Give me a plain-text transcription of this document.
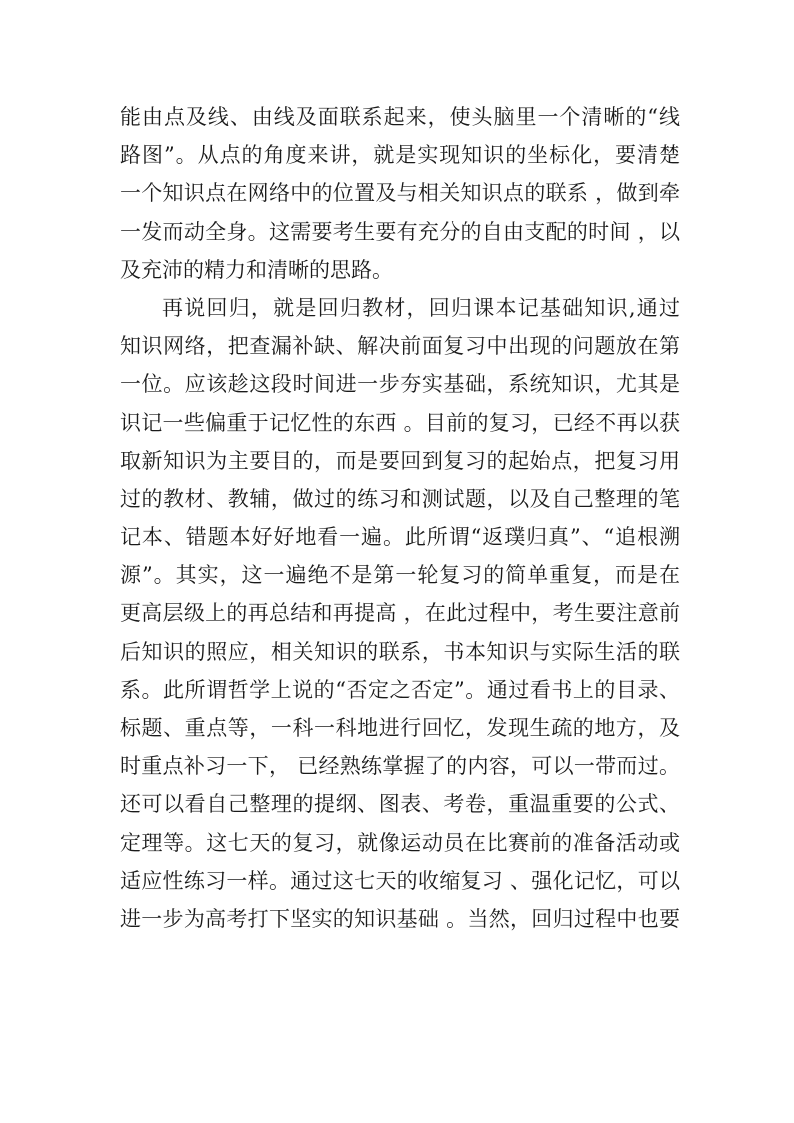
能由点及线、由线及面联系起来，使头脑里一个清晰的“线
路图”。从点的角度来讲，就是实现知识的坐标化，要清楚
一个知识点在网络中的位置及与相关知识点的联系 ，做到牵
一发而动全身。这需要考生要有充分的自由支配的时间 ，以
及充沛的精力和清晰的思路。
再说回归，就是回归教材，回归课本记基础知识,通过
知识网络，把查漏补缺、解决前面复习中出现的问题放在第
一位。应该趁这段时间进一步夯实基础，系统知识，尤其是
识记一些偏重于记忆性的东西 。目前的复习，已经不再以获
取新知识为主要目的，而是要回到复习的起始点，把复习用
过的教材、教辅，做过的练习和测试题，以及自己整理的笔
记本、错题本好好地看一遍。此所谓“返璞归真”、“追根溯
源”。其实，这一遍绝不是第一轮复习的简单重复，而是在
更高层级上的再总结和再提高 ，在此过程中，考生要注意前
后知识的照应，相关知识的联系，书本知识与实际生活的联
系。此所谓哲学上说的“否定之否定”。通过看书上的目录、
标题、重点等，一科一科地进行回忆，发现生疏的地方，及
时重点补习一下， 已经熟练掌握了的内容，可以一带而过。
还可以看自己整理的提纲、图表、考卷，重温重要的公式、
定理等。这七天的复习，就像运动员在比赛前的准备活动或
适应性练习一样。通过这七天的收缩复习 、强化记忆，可以
进一步为高考打下坚实的知识基础 。当然，回归过程中也要
